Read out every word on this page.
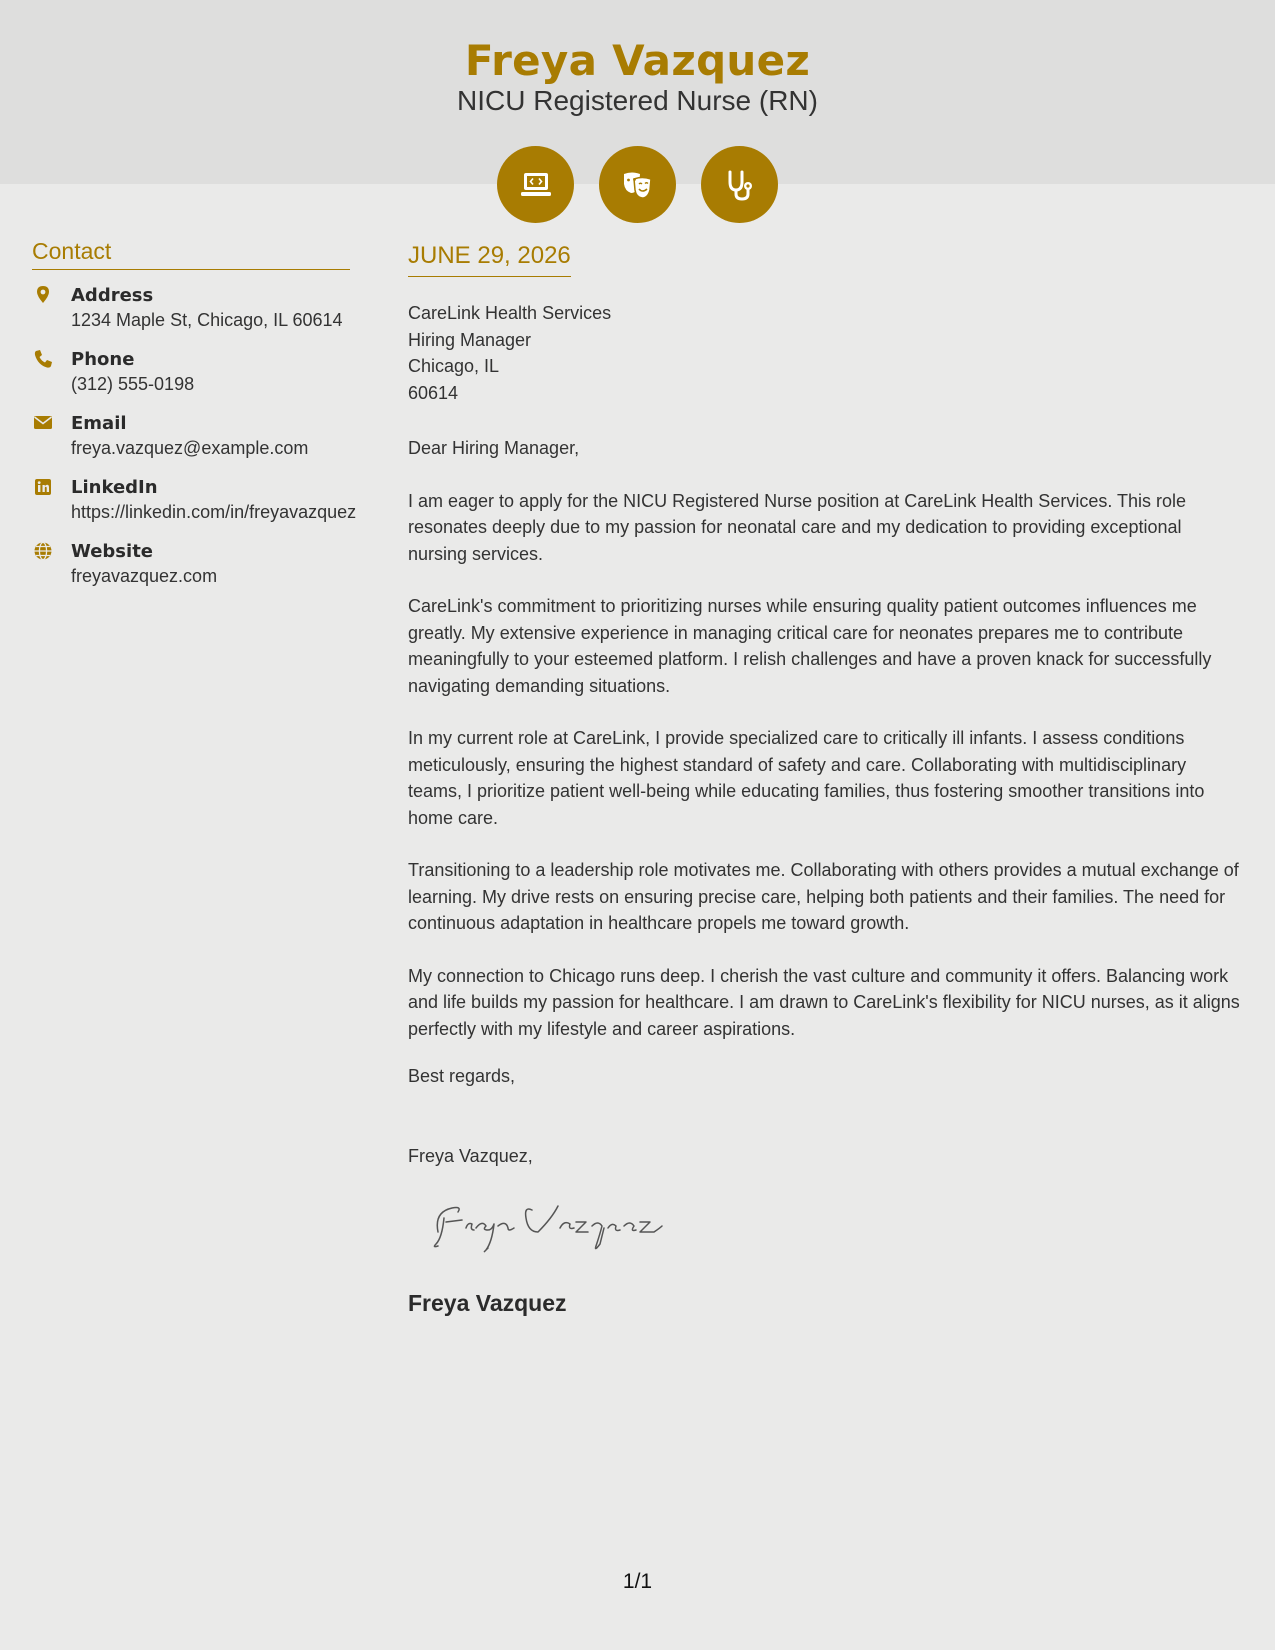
Freya Vazquez
NICU Registered Nurse (RN)
Contact
Address
1234 Maple St, Chicago, IL 60614
Phone
(312) 555-0198
Email
freya.vazquez@example.com
LinkedIn
https://linkedin.com/in/freyavazquez
Website
freyavazquez.com
JUNE 29, 2026
CareLink Health Services
Hiring Manager
Chicago, IL
60614

Dear Hiring Manager,

I am eager to apply for the NICU Registered Nurse position at CareLink Health Services. This role resonates deeply due to my passion for neonatal care and my dedication to providing exceptional nursing services.

CareLink's commitment to prioritizing nurses while ensuring quality patient outcomes influences me greatly. My extensive experience in managing critical care for neonates prepares me to contribute meaningfully to your esteemed platform. I relish challenges and have a proven knack for successfully navigating demanding situations.

In my current role at CareLink, I provide specialized care to critically ill infants. I assess conditions meticulously, ensuring the highest standard of safety and care. Collaborating with multidisciplinary teams, I prioritize patient well-being while educating families, thus fostering smoother transitions into home care.

Transitioning to a leadership role motivates me. Collaborating with others provides a mutual exchange of learning. My drive rests on ensuring precise care, helping both patients and their families. The need for continuous adaptation in healthcare propels me toward growth.

My connection to Chicago runs deep. I cherish the vast culture and community it offers. Balancing work and life builds my passion for healthcare. I am drawn to CareLink's flexibility for NICU nurses, as it aligns perfectly with my lifestyle and career aspirations.

Best regards,
Freya Vazquez,
Freya Vazquez
1/1
